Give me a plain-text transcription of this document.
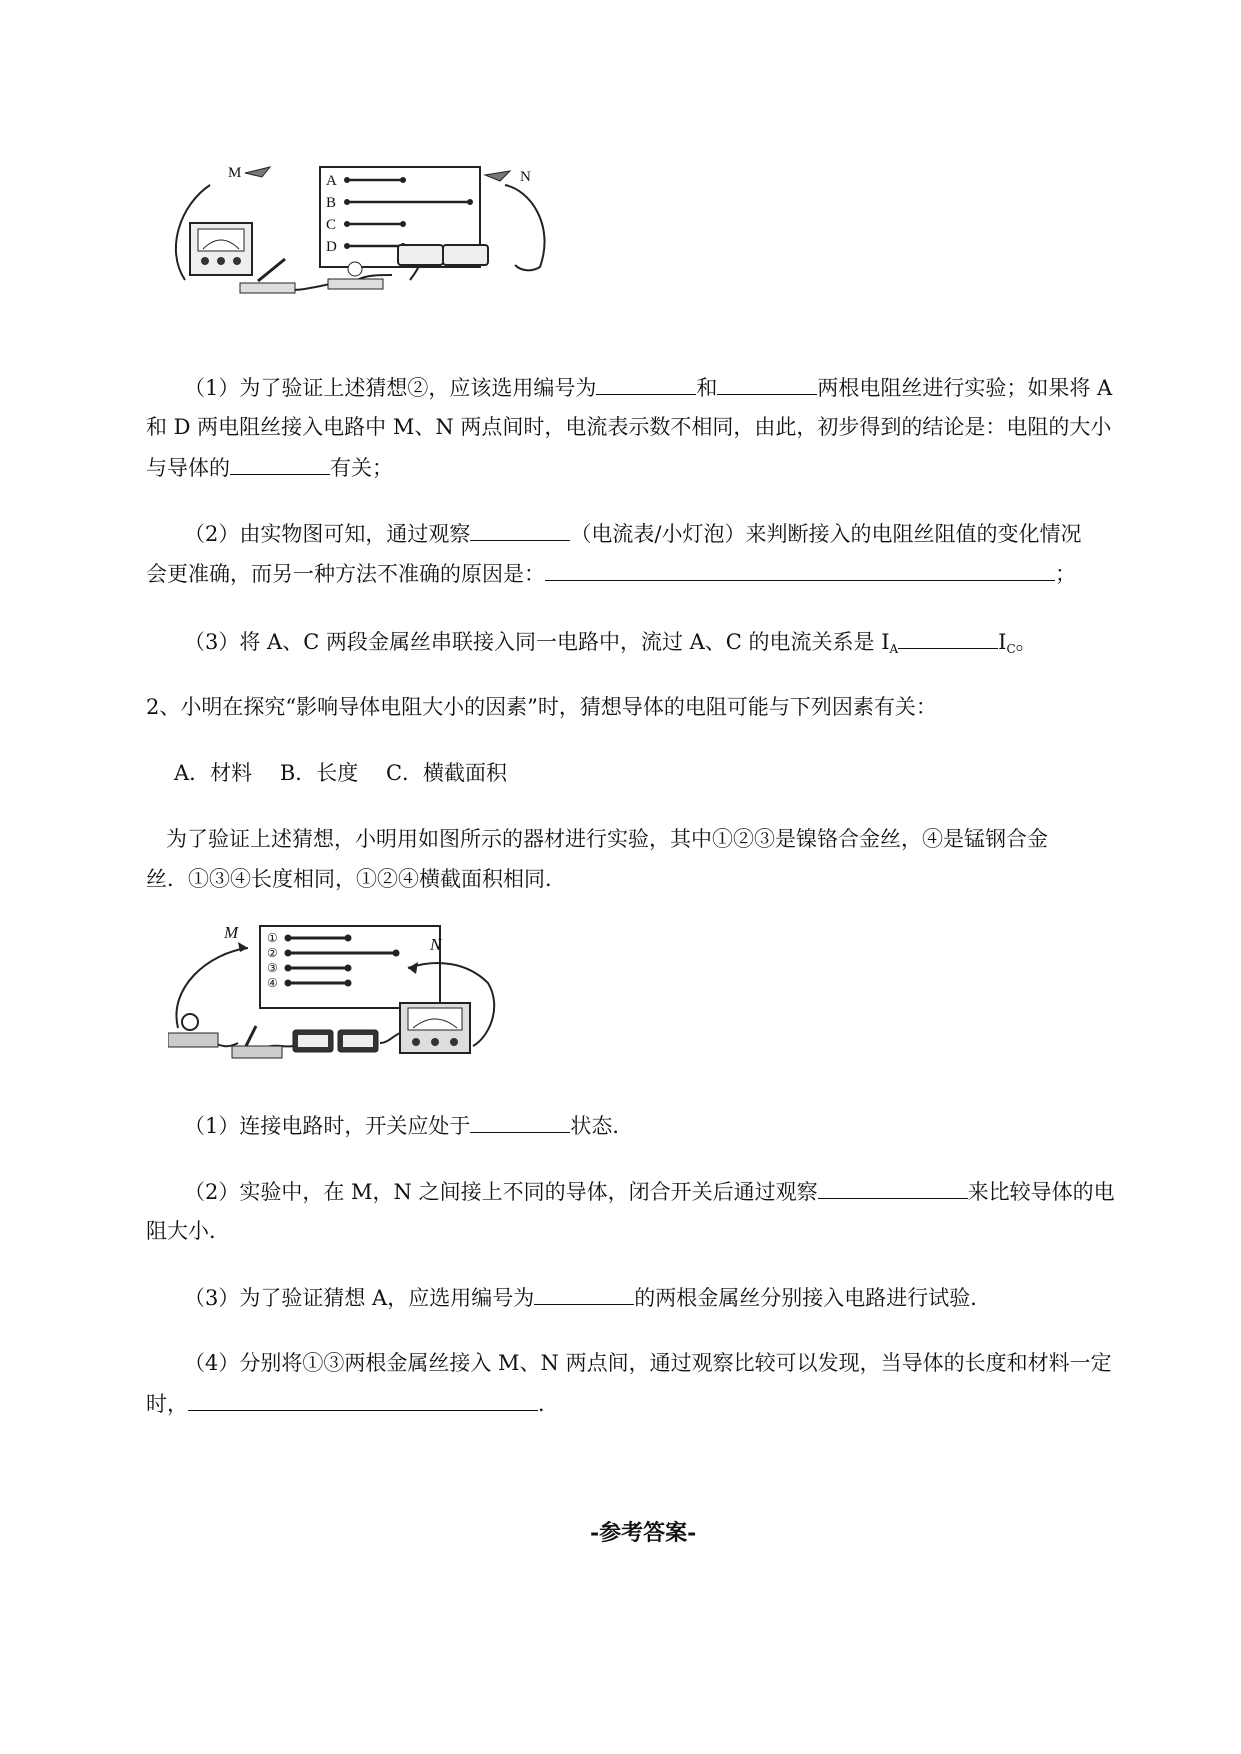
A
B
C
D
M	N
（1）为了验证上述猜想②，应该选用编号为	和	两根电阻丝进行实验；如果将 A
和 D 两电阻丝接入电路中 M、N 两点间时，电流表示数不相同，由此，初步得到的结论是：电阻的大小
与导体的	有关；
（2）由实物图可知，通过观察	（电流表/小灯泡）来判断接入的电阻丝阻值的变化情况
会更准确，而另一种方法不准确的原因是：	；
（3）将 A、C 两段金属丝串联接入同一电路中，流过 A、C 的电流关系是 $I_A$	$I_C$。
2、小明在探究“影响导体电阻大小的因素”时，猜想导体的电阻可能与下列因素有关：
A．材料　 B．长度　 C．横截面积
为了验证上述猜想，小明用如图所示的器材进行实验，其中①②③是镍铬合金丝，④是锰钢合金
丝．①③④长度相同，①②④横截面积相同．
①
②
③
④
M
N
（1）连接电路时，开关应处于	状态．
（2）实验中，在 M，N 之间接上不同的导体，闭合开关后通过观察	来比较导体的电
阻大小．
（3）为了验证猜想 A，应选用编号为	的两根金属丝分别接入电路进行试验．
（4）分别将①③两根金属丝接入 M、N 两点间，通过观察比较可以发现，当导体的长度和材料一定
时，	．
-参考答案-
